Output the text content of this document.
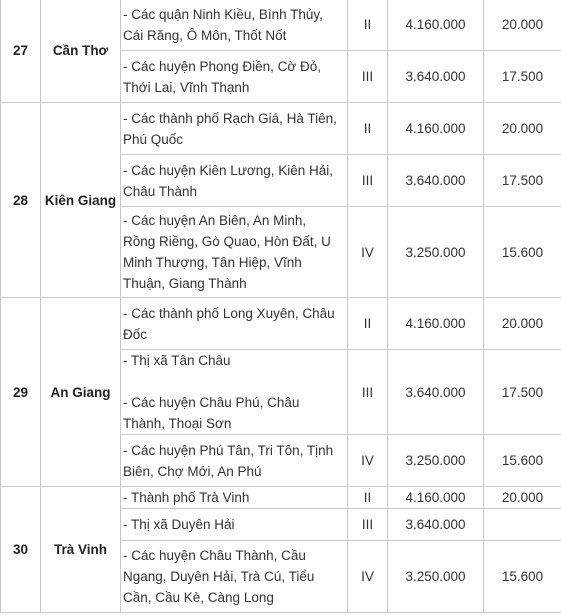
27	Cần Thơ	- Các quận Ninh Kiều, Bình Thủy,
Cái Răng, Ô Môn, Thốt Nốt	II	4.160.000	20.000

		- Các huyện Phong Điền, Cờ Đỏ,
Thới Lai, Vĩnh Thạnh	III	3.640.000	17.500
28	Kiên Giang	- Các thành phố Rạch Giá, Hà Tiên,
Phú Quốc	II	4.160.000	20.000

		- Các huyện Kiên Lương, Kiên Hải,
Châu Thành	III	3.640.000	17.500

		- Các huyện An Biên, An Minh,
Rồng Riềng, Gò Quao, Hòn Đất, U
Minh Thượng, Tân Hiệp, Vĩnh
Thuận, Giang Thành	IV	3.250.000	15.600
29	An Giang	- Các thành phố Long Xuyên, Châu
Đốc	II	4.160.000	20.000

		- Thị xã Tân Châu

- Các huyện Châu Phú, Châu
Thành, Thoại Sơn	III	3.640.000	17.500

		- Các huyện Phú Tân, Tri Tôn, Tịnh
Biên, Chợ Mới, An Phú	IV	3.250.000	15.600
30	Trà Vinh	- Thành phố Trà Vinh	II	4.160.000	20.000

		- Thị xã Duyên Hải	III	3.640.000	

		- Các huyện Châu Thành, Cầu
Ngang, Duyên Hải, Trà Cú, Tiểu
Cần, Cầu Kè, Càng Long	IV	3.250.000	15.600
